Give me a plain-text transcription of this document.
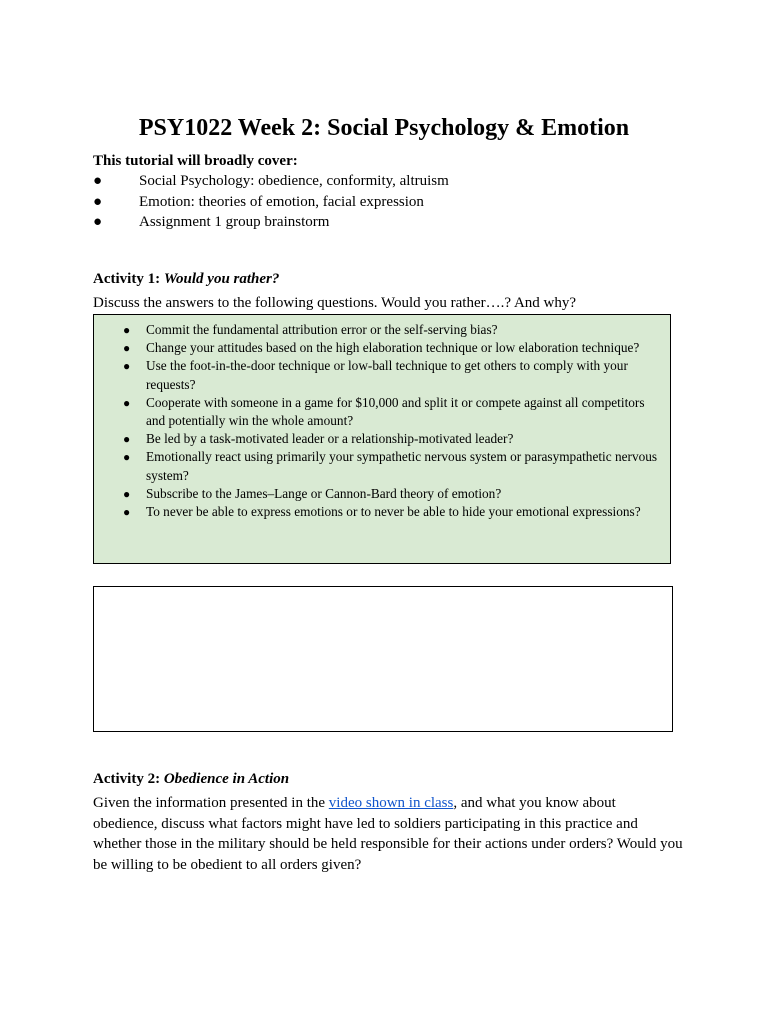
PSY1022 Week 2: Social Psychology & Emotion
This tutorial will broadly cover:
● Social Psychology: obedience, conformity, altruism
● Emotion: theories of emotion, facial expression
● Assignment 1 group brainstorm
Activity 1: Would you rather?
Discuss the answers to the following questions. Would you rather….? And why?
● Commit the fundamental attribution error or the self-serving bias?
● Change your attitudes based on the high elaboration technique or low elaboration technique?
● Use the foot-in-the-door technique or low-ball technique to get others to comply with your requests?
● Cooperate with someone in a game for $10,000 and split it or compete against all competitors and potentially win the whole amount?
● Be led by a task-motivated leader or a relationship-motivated leader?
● Emotionally react using primarily your sympathetic nervous system or parasympathetic nervous system?
● Subscribe to the James–Lange or Cannon-Bard theory of emotion?
● To never be able to express emotions or to never be able to hide your emotional expressions?
Activity 2: Obedience in Action
Given the information presented in the video shown in class, and what you know about obedience, discuss what factors might have led to soldiers participating in this practice and whether those in the military should be held responsible for their actions under orders? Would you be willing to be obedient to all orders given?
